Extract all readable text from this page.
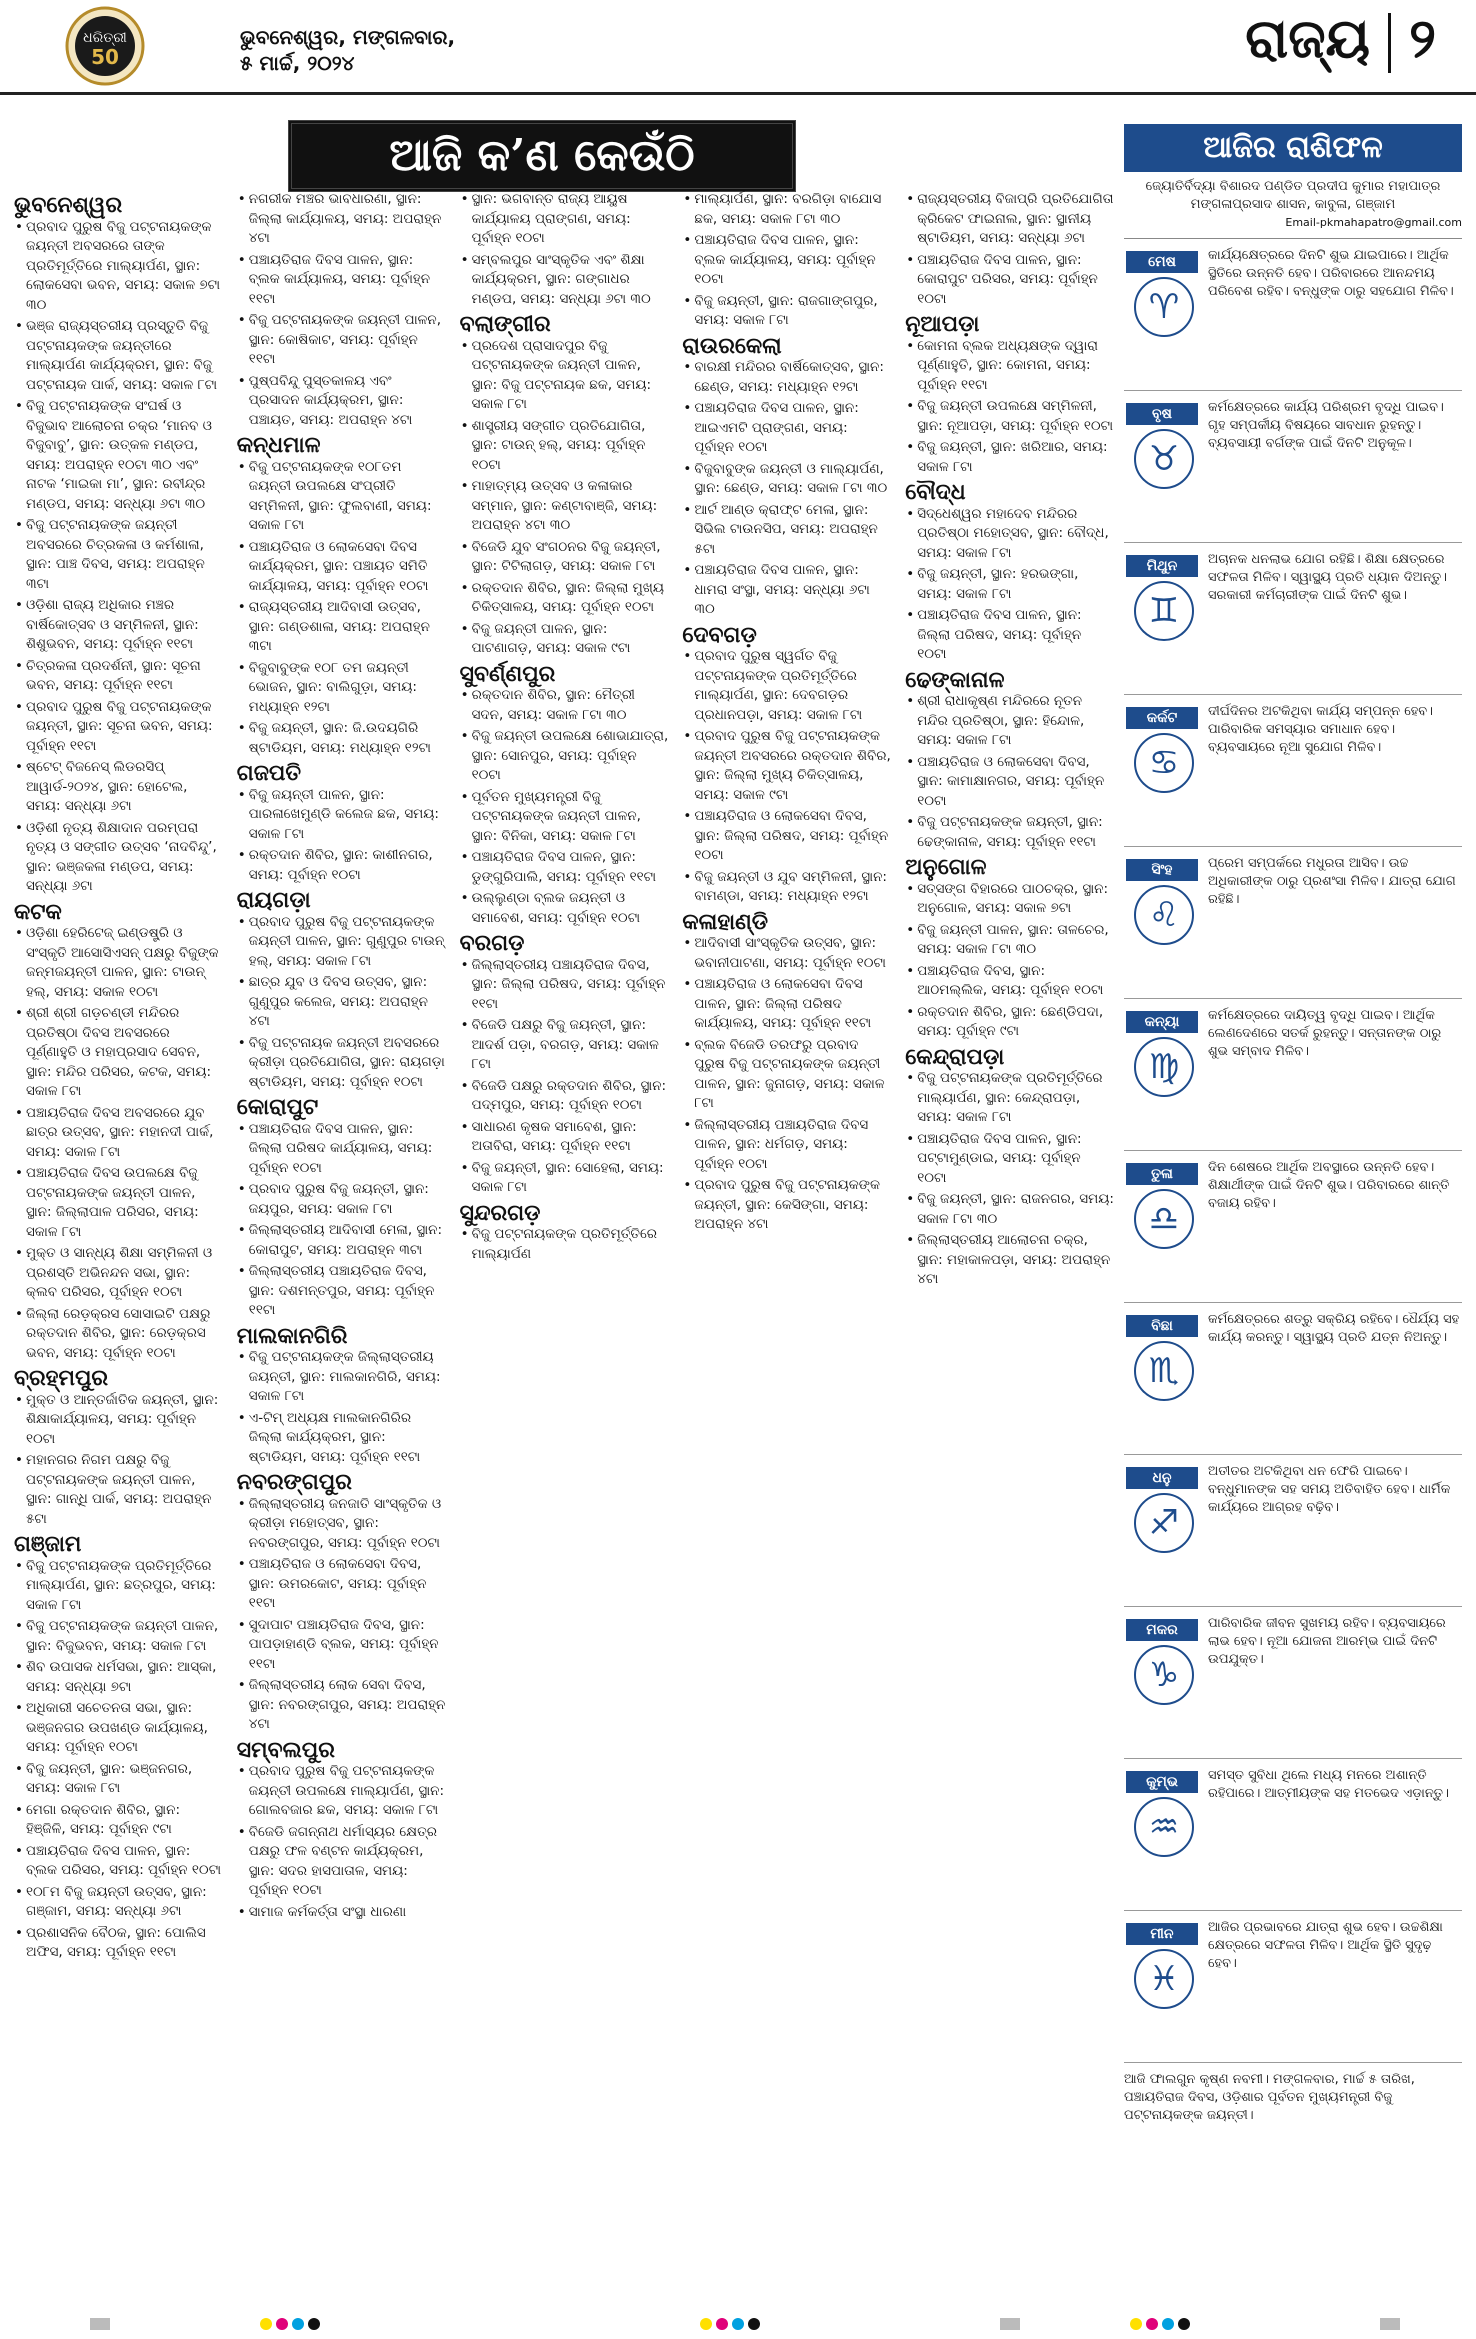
ଧରିତ୍ରୀ
50
ଭୁବନେଶ୍ୱର, ମଙ୍ଗଳବାର,
୫ ମାର୍ଚ୍ଚ, ୨୦୨୪	ରାଜ୍ୟ ୨
ଆଜି କ’ଣ କେଉଁଠି
ଭୁବନେଶ୍ୱର
• ପ୍ରବାଦ ପୁରୁଷ ବିଜୁ ପଟ୍ଟନାୟକଙ୍କ ଜୟନ୍ତୀ ଅବସରରେ ତାଙ୍କ ପ୍ରତିମୂର୍ତ୍ତିରେ ମାଲ୍ୟାର୍ପଣ, ସ୍ଥାନ: ଲୋକସେବା ଭବନ, ସମୟ: ସକାଳ ୭ଟା ୩୦
• ଭଞ୍ଜ ରାଜ୍ୟସ୍ତରୀୟ ପ୍ରସ୍ତୁତି ବିଜୁ ପଟ୍ଟନାୟକଙ୍କ ଜୟନ୍ତୀରେ ମାଲ୍ୟାର୍ପଣ କାର୍ଯ୍ୟକ୍ରମ, ସ୍ଥାନ: ବିଜୁ ପଟ୍ଟନାୟକ ପାର୍କ, ସମୟ: ସକାଳ ୮ଟା
• ବିଜୁ ପଟ୍ଟନାୟକଙ୍କ ସଂଘର୍ଷ ଓ ବିଜୁଭାବ ଆଲୋଚନା ଚକ୍ର ‘ମାନବ ଓ ବିଜୁବାବୁ’, ସ୍ଥାନ: ଉତ୍କଳ ମଣ୍ଡପ, ସମୟ: ଅପରାହ୍ନ ୧୦ଟା ୩୦ ଏବଂ ନାଟକ ‘ମାଇକା ମା’, ସ୍ଥାନ: ରବୀନ୍ଦ୍ର ମଣ୍ଡପ, ସମୟ: ସନ୍ଧ୍ୟା ୬ଟା ୩୦
• ବିଜୁ ପଟ୍ଟନାୟକଙ୍କ ଜୟନ୍ତୀ ଅବସରରେ ଚିତ୍ରକଳା ଓ କର୍ମଶାଳା, ସ୍ଥାନ: ପାଞ୍ଚ ଦିବସ, ସମୟ: ଅପରାହ୍ନ ୩ଟା
• ଓଡ଼ିଶା ରାଜ୍ୟ ଅଧିକାର ମଞ୍ଚର ବାର୍ଷିକୋତ୍ସବ ଓ ସମ୍ମିଳନୀ, ସ୍ଥାନ: ଶିଶୁଭବନ, ସମୟ: ପୂର୍ବାହ୍ନ ୧୧ଟା
• ଚିତ୍ରକଳା ପ୍ରଦର୍ଶନୀ, ସ୍ଥାନ: ସୂଚନା ଭବନ, ସମୟ: ପୂର୍ବାହ୍ନ ୧୧ଟା
• ପ୍ରବାଦ ପୁରୁଷ ବିଜୁ ପଟ୍ଟନାୟକଙ୍କ ଜୟନ୍ତୀ, ସ୍ଥାନ: ସୂଚନା ଭବନ, ସମୟ: ପୂର୍ବାହ୍ନ ୧୧ଟା
• ଷ୍ଟେଟ୍ ବିଜନେସ୍ ଲିଡରସିପ୍ ଆୱାର୍ଡ-୨୦୨୪, ସ୍ଥାନ: ହୋଟେଲ, ସମୟ: ସନ୍ଧ୍ୟା ୬ଟା
• ଓଡ଼ିଶୀ ନୃତ୍ୟ ଶିକ୍ଷାଦାନ ପରମ୍ପରା ନୃତ୍ୟ ଓ ସଙ୍ଗୀତ ଉତ୍ସବ ‘ନାଦବିନ୍ଦୁ’, ସ୍ଥାନ: ଭଞ୍ଜକଳା ମଣ୍ଡପ, ସମୟ: ସନ୍ଧ୍ୟା ୬ଟା
କଟକ
• ଓଡ଼ିଶା ହେରିଟେଜ୍ ଇଣ୍ଡଷ୍ଟ୍ରି ଓ ସଂସ୍କୃତି ଆସୋସିଏସନ୍ ପକ୍ଷରୁ ବିଜୁଙ୍କ ଜନ୍ମଜୟନ୍ତୀ ପାଳନ, ସ୍ଥାନ: ଟାଉନ୍ ହଲ୍, ସମୟ: ସକାଳ ୧୦ଟା
• ଶ୍ରୀ ଶ୍ରୀ ଗଡ଼ଚଣ୍ଡୀ ମନ୍ଦିରର ପ୍ରତିଷ୍ଠା ଦିବସ ଅବସରରେ ପୂର୍ଣ୍ଣାହୁତି ଓ ମହାପ୍ରସାଦ ସେବନ, ସ୍ଥାନ: ମନ୍ଦିର ପରିସର, କଟକ, ସମୟ: ସକାଳ ୮ଟା
• ପଞ୍ଚାୟତିରାଜ ଦିବସ ଅବସରରେ ଯୁବ ଛାତ୍ର ଉତ୍ସବ, ସ୍ଥାନ: ମହାନଦୀ ପାର୍କ, ସମୟ: ସକାଳ ୮ଟା
• ପଞ୍ଚାୟତିରାଜ ଦିବସ ଉପଲକ୍ଷେ ବିଜୁ ପଟ୍ଟନାୟକଙ୍କ ଜୟନ୍ତୀ ପାଳନ, ସ୍ଥାନ: ଜିଲ୍ଲାପାଳ ପରିସର, ସମୟ: ସକାଳ ୮ଟା
• ମୁକ୍ତ ଓ ସାନ୍ଧ୍ୟ ଶିକ୍ଷା ସମ୍ମିଳନୀ ଓ ପ୍ରଶସ୍ତି ଅଭିନନ୍ଦନ ସଭା, ସ୍ଥାନ: କ୍ଲବ ପରିସର, ପୂର୍ବାହ୍ନ ୧୦ଟା
• ଜିଲ୍ଲା ରେଡ଼କ୍ରସ ସୋସାଇଟି ପକ୍ଷରୁ ରକ୍ତଦାନ ଶିବିର, ସ୍ଥାନ: ରେଡ଼କ୍ରସ ଭବନ, ସମୟ: ପୂର୍ବାହ୍ନ ୧୦ଟା
ବ୍ରହ୍ମପୁର
• ମୁକ୍ତ ଓ ଆନ୍ତର୍ଜାତିକ ଜୟନ୍ତୀ, ସ୍ଥାନ: ଶିକ୍ଷାକାର୍ଯ୍ୟାଳୟ, ସମୟ: ପୂର୍ବାହ୍ନ ୧୦ଟା
• ମହାନଗର ନିଗମ ପକ୍ଷରୁ ବିଜୁ ପଟ୍ଟନାୟକଙ୍କ ଜୟନ୍ତୀ ପାଳନ, ସ୍ଥାନ: ଗାନ୍ଧି ପାର୍କ, ସମୟ: ଅପରାହ୍ନ ୫ଟା
ଗଞ୍ଜାମ
• ବିଜୁ ପଟ୍ଟନାୟକଙ୍କ ପ୍ରତିମୂର୍ତ୍ତିରେ ମାଲ୍ୟାର୍ପଣ, ସ୍ଥାନ: ଛତ୍ରପୁର, ସମୟ: ସକାଳ ୮ଟା
• ବିଜୁ ପଟ୍ଟନାୟକଙ୍କ ଜୟନ୍ତୀ ପାଳନ, ସ୍ଥାନ: ବିଜୁଭବନ, ସମୟ: ସକାଳ ୮ଟା
• ଶିବ ଉପାସକ ଧର୍ମସଭା, ସ୍ଥାନ: ଆସ୍କା, ସମୟ: ସନ୍ଧ୍ୟା ୭ଟା
• ଅଧିକାରୀ ସଚେତନତା ସଭା, ସ୍ଥାନ: ଭଞ୍ଜନଗର ଉପଖଣ୍ଡ କାର୍ଯ୍ୟାଳୟ, ସମୟ: ପୂର୍ବାହ୍ନ ୧୦ଟା
• ବିଜୁ ଜୟନ୍ତୀ, ସ୍ଥାନ: ଭଞ୍ଜନଗର, ସମୟ: ସକାଳ ୮ଟା
• ମେଗା ରକ୍ତଦାନ ଶିବିର, ସ୍ଥାନ: ହିଞ୍ଜିଳି, ସମୟ: ପୂର୍ବାହ୍ନ ୯ଟା
• ପଞ୍ଚାୟତିରାଜ ଦିବସ ପାଳନ, ସ୍ଥାନ: ବ୍ଲକ ପରିସର, ସମୟ: ପୂର୍ବାହ୍ନ ୧୦ଟା
• ୧୦୮ମ ବିଜୁ ଜୟନ୍ତୀ ଉତ୍ସବ, ସ୍ଥାନ: ଗଞ୍ଜାମ, ସମୟ: ସନ୍ଧ୍ୟା ୬ଟା
• ପ୍ରଶାସନିକ ବୈଠକ, ସ୍ଥାନ: ପୋଲିସ ଅଫିସ, ସମୟ: ପୂର୍ବାହ୍ନ ୧୧ଟା
• ନଗରୀକ ମଞ୍ଚର ଭାବଧାରଣା, ସ୍ଥାନ: ଜିଲ୍ଲା କାର୍ଯ୍ୟାଳୟ, ସମୟ: ଅପରାହ୍ନ ୪ଟା
• ପଞ୍ଚାୟତିରାଜ ଦିବସ ପାଳନ, ସ୍ଥାନ: ବ୍ଲକ କାର୍ଯ୍ୟାଳୟ, ସମୟ: ପୂର୍ବାହ୍ନ ୧୧ଟା
• ବିଜୁ ପଟ୍ଟନାୟକଙ୍କ ଜୟନ୍ତୀ ପାଳନ, ସ୍ଥାନ: କୋଷିକାଟ, ସମୟ: ପୂର୍ବାହ୍ନ ୧୧ଟା
• ପୁଷ୍ପବିନ୍ଦୁ ପୁସ୍ତକାଳୟ ଏବଂ ପ୍ରସାଦନ କାର୍ଯ୍ୟକ୍ରମ, ସ୍ଥାନ: ପଞ୍ଚାୟତ, ସମୟ: ଅପରାହ୍ନ ୪ଟା
କନ୍ଧମାଳ
• ବିଜୁ ପଟ୍ଟନାୟକଙ୍କ ୧୦୮ତମ ଜୟନ୍ତୀ ଉପଲକ୍ଷେ ସଂପ୍ରୀତି ସମ୍ମିଳନୀ, ସ୍ଥାନ: ଫୁଲବାଣୀ, ସମୟ: ସକାଳ ୮ଟା
• ପଞ୍ଚାୟତିରାଜ ଓ ଲୋକସେବା ଦିବସ କାର୍ଯ୍ୟକ୍ରମ, ସ୍ଥାନ: ପଞ୍ଚାୟତ ସମିତି କାର୍ଯ୍ୟାଳୟ, ସମୟ: ପୂର୍ବାହ୍ନ ୧୦ଟା
• ରାଜ୍ୟସ୍ତରୀୟ ଆଦିବାସୀ ଉତ୍ସବ, ସ୍ଥାନ: ଗଣ୍ଡଶାଳା, ସମୟ: ଅପରାହ୍ନ ୩ଟା
• ବିଜୁବାବୁଙ୍କ ୧୦୮ ତମ ଜୟନ୍ତୀ ଭୋଜନ, ସ୍ଥାନ: ବାଲିଗୁଡ଼ା, ସମୟ: ମଧ୍ୟାହ୍ନ ୧୨ଟା
• ବିଜୁ ଜୟନ୍ତୀ, ସ୍ଥାନ: ଜି.ଉଦୟଗିରି ଷ୍ଟାଡିୟମ, ସମୟ: ମଧ୍ୟାହ୍ନ ୧୨ଟା
ଗଜପତି
• ବିଜୁ ଜୟନ୍ତୀ ପାଳନ, ସ୍ଥାନ: ପାରଳାଖେମୁଣ୍ଡି କଲେଜ ଛକ, ସମୟ: ସକାଳ ୮ଟା
• ରକ୍ତଦାନ ଶିବିର, ସ୍ଥାନ: କାଶୀନଗର, ସମୟ: ପୂର୍ବାହ୍ନ ୧୦ଟା
ରାୟଗଡ଼ା
• ପ୍ରବାଦ ପୁରୁଷ ବିଜୁ ପଟ୍ଟନାୟକଙ୍କ ଜୟନ୍ତୀ ପାଳନ, ସ୍ଥାନ: ଗୁଣୁପୁର ଟାଉନ୍ ହଲ୍, ସମୟ: ସକାଳ ୮ଟା
• ଛାତ୍ର ଯୁବ ଓ ଦିବସ ଉତ୍ସବ, ସ୍ଥାନ: ଗୁଣୁପୁର କଲେଜ, ସମୟ: ଅପରାହ୍ନ ୪ଟା
• ବିଜୁ ପଟ୍ଟନାୟକ ଜୟନ୍ତୀ ଅବସରରେ କ୍ରୀଡ଼ା ପ୍ରତିଯୋଗିତା, ସ୍ଥାନ: ରାୟଗଡ଼ା ଷ୍ଟାଡିୟମ, ସମୟ: ପୂର୍ବାହ୍ନ ୧୦ଟା
କୋରାପୁଟ
• ପଞ୍ଚାୟତିରାଜ ଦିବସ ପାଳନ, ସ୍ଥାନ: ଜିଲ୍ଲା ପରିଷଦ କାର୍ଯ୍ୟାଳୟ, ସମୟ: ପୂର୍ବାହ୍ନ ୧୦ଟା
• ପ୍ରବାଦ ପୁରୁଷ ବିଜୁ ଜୟନ୍ତୀ, ସ୍ଥାନ: ଜୟପୁର, ସମୟ: ସକାଳ ୮ଟା
• ଜିଲ୍ଲାସ୍ତରୀୟ ଆଦିବାସୀ ମେଳା, ସ୍ଥାନ: କୋରାପୁଟ, ସମୟ: ଅପରାହ୍ନ ୩ଟା
• ଜିଲ୍ଲାସ୍ତରୀୟ ପଞ୍ଚାୟତିରାଜ ଦିବସ, ସ୍ଥାନ: ଦଶମନ୍ତପୁର, ସମୟ: ପୂର୍ବାହ୍ନ ୧୧ଟା
ମାଲକାନଗିରି
• ବିଜୁ ପଟ୍ଟନାୟକଙ୍କ ଜିଲ୍ଲାସ୍ତରୀୟ ଜୟନ୍ତୀ, ସ୍ଥାନ: ମାଲକାନଗିରି, ସମୟ: ସକାଳ ୮ଟା
• ଏ-ଟିମ୍ ଅଧ୍ୟକ୍ଷ ମାଲକାନଗିରିର ଜିଲ୍ଲା କାର୍ଯ୍ୟକ୍ରମ, ସ୍ଥାନ: ଷ୍ଟାଡିୟମ, ସମୟ: ପୂର୍ବାହ୍ନ ୧୧ଟା
ନବରଙ୍ଗପୁର
• ଜିଲ୍ଲାସ୍ତରୀୟ ଜନଜାତି ସାଂସ୍କୃତିକ ଓ କ୍ରୀଡ଼ା ମହୋତ୍ସବ, ସ୍ଥାନ: ନବରଙ୍ଗପୁର, ସମୟ: ପୂର୍ବାହ୍ନ ୧୦ଟା
• ପଞ୍ଚାୟତିରାଜ ଓ ଲୋକସେବା ଦିବସ, ସ୍ଥାନ: ଉମରକୋଟ, ସମୟ: ପୂର୍ବାହ୍ନ ୧୧ଟା
• ସୁଦାପାଟ ପଞ୍ଚାୟତିରାଜ ଦିବସ, ସ୍ଥାନ: ପାପଡ଼ାହାଣ୍ଡି ବ୍ଲକ, ସମୟ: ପୂର୍ବାହ୍ନ ୧୧ଟା
• ଜିଲ୍ଲାସ୍ତରୀୟ ଲୋକ ସେବା ଦିବସ, ସ୍ଥାନ: ନବରଙ୍ଗପୁର, ସମୟ: ଅପରାହ୍ନ ୪ଟା
ସମ୍ବଲପୁର
• ପ୍ରବାଦ ପୁରୁଷ ବିଜୁ ପଟ୍ଟନାୟକଙ୍କ ଜୟନ୍ତୀ ଉପଲକ୍ଷେ ମାଲ୍ୟାର୍ପଣ, ସ୍ଥାନ: ଗୋଲବଜାର ଛକ, ସମୟ: ସକାଳ ୮ଟା
• ବିଜେଡି ଜଗନ୍ନାଥ ଧର୍ମାସ୍ୟର କ୍ଷେତ୍ର ପକ୍ଷରୁ ଫଳ ବଣ୍ଟନ କାର୍ଯ୍ୟକ୍ରମ, ସ୍ଥାନ: ସଦର ହାସପାତାଳ, ସମୟ: ପୂର୍ବାହ୍ନ ୧୦ଟା
• ସାମାଜ କର୍ମକର୍ତ୍ତା ସଂସ୍ଥା ଧାରଣା
• ସ୍ଥାନ: ଭଗବାନ୍ତ ରାଜ୍ୟ ଆୟୁଷ କାର୍ଯ୍ୟାଳୟ ପ୍ରାଙ୍ଗଣ, ସମୟ: ପୂର୍ବାହ୍ନ ୧୦ଟା
• ସମ୍ବଲପୁର ସାଂସ୍କୃତିକ ଏବଂ ଶିକ୍ଷା କାର୍ଯ୍ୟକ୍ରମ, ସ୍ଥାନ: ଗଙ୍ଗାଧର ମଣ୍ଡପ, ସମୟ: ସନ୍ଧ୍ୟା ୬ଟା ୩୦
ବଲାଙ୍ଗୀର
• ପ୍ରଦେଶ ପ୍ରାସାଦପୁର ବିଜୁ ପଟ୍ଟନାୟକଙ୍କ ଜୟନ୍ତୀ ପାଳନ, ସ୍ଥାନ: ବିଜୁ ପଟ୍ଟନାୟକ ଛକ, ସମୟ: ସକାଳ ୮ଟା
• ଶାସ୍ତ୍ରୀୟ ସଙ୍ଗୀତ ପ୍ରତିଯୋଗିତା, ସ୍ଥାନ: ଟାଉନ୍ ହଲ୍, ସମୟ: ପୂର୍ବାହ୍ନ ୧୦ଟା
• ମାହାତ୍ମ୍ୟ ଉତ୍ସବ ଓ କଳାକାର ସମ୍ମାନ, ସ୍ଥାନ: କଣ୍ଟାବାଞ୍ଜି, ସମୟ: ଅପରାହ୍ନ ୪ଟା ୩୦
• ବିଜେଡି ଯୁବ ସଂଗଠନର ବିଜୁ ଜୟନ୍ତୀ, ସ୍ଥାନ: ଟିଟିଲାଗଡ଼, ସମୟ: ସକାଳ ୮ଟା
• ରକ୍ତଦାନ ଶିବିର, ସ୍ଥାନ: ଜିଲ୍ଲା ମୁଖ୍ୟ ଚିକିତ୍ସାଳୟ, ସମୟ: ପୂର୍ବାହ୍ନ ୧୦ଟା
• ବିଜୁ ଜୟନ୍ତୀ ପାଳନ, ସ୍ଥାନ: ପାଟଣାଗଡ଼, ସମୟ: ସକାଳ ୯ଟା
ସୁବର୍ଣ୍ଣପୁର
• ରକ୍ତଦାନ ଶିବିର, ସ୍ଥାନ: ମୈତ୍ରୀ ସଦନ, ସମୟ: ସକାଳ ୮ଟା ୩୦
• ବିଜୁ ଜୟନ୍ତୀ ଉପଲକ୍ଷେ ଶୋଭାଯାତ୍ରା, ସ୍ଥାନ: ସୋନପୁର, ସମୟ: ପୂର୍ବାହ୍ନ ୧୦ଟା
• ପୂର୍ବତନ ମୁଖ୍ୟମନ୍ତ୍ରୀ ବିଜୁ ପଟ୍ଟନାୟକଙ୍କ ଜୟନ୍ତୀ ପାଳନ, ସ୍ଥାନ: ବିନିକା, ସମୟ: ସକାଳ ୮ଟା
• ପଞ୍ଚାୟତିରାଜ ଦିବସ ପାଳନ, ସ୍ଥାନ: ଡୁଙ୍ଗୁରିପାଲି, ସମୟ: ପୂର୍ବାହ୍ନ ୧୧ଟା
• ଉଲ୍ଲୁଣ୍ଡା ବ୍ଲକ ଜୟନ୍ତୀ ଓ ସମାବେଶ, ସମୟ: ପୂର୍ବାହ୍ନ ୧୦ଟା
ବରଗଡ଼
• ଜିଲ୍ଲାସ୍ତରୀୟ ପଞ୍ଚାୟତିରାଜ ଦିବସ, ସ୍ଥାନ: ଜିଲ୍ଲା ପରିଷଦ, ସମୟ: ପୂର୍ବାହ୍ନ ୧୧ଟା
• ବିଜେଡି ପକ୍ଷରୁ ବିଜୁ ଜୟନ୍ତୀ, ସ୍ଥାନ: ଆଦର୍ଶ ପଡ଼ା, ବରଗଡ଼, ସମୟ: ସକାଳ ୮ଟା
• ବିଜେଡି ପକ୍ଷରୁ ରକ୍ତଦାନ ଶିବିର, ସ୍ଥାନ: ପଦ୍ମପୁର, ସମୟ: ପୂର୍ବାହ୍ନ ୧୦ଟା
• ସାଧାରଣ କୃଷକ ସମାବେଶ, ସ୍ଥାନ: ଅତାବିରା, ସମୟ: ପୂର୍ବାହ୍ନ ୧୧ଟା
• ବିଜୁ ଜୟନ୍ତୀ, ସ୍ଥାନ: ସୋହେଲା, ସମୟ: ସକାଳ ୮ଟା
ସୁନ୍ଦରଗଡ଼
• ବିଜୁ ପଟ୍ଟନାୟକଙ୍କ ପ୍ରତିମୂର୍ତ୍ତିରେ ମାଲ୍ୟାର୍ପଣ
• ମାଲ୍ୟାର୍ପଣ, ସ୍ଥାନ: ବରଗିଡ଼ା ବାଯୋସ ଛକ, ସମୟ: ସକାଳ ୮ଟା ୩୦
• ପଞ୍ଚାୟତିରାଜ ଦିବସ ପାଳନ, ସ୍ଥାନ: ବ୍ଲକ କାର୍ଯ୍ୟାଳୟ, ସମୟ: ପୂର୍ବାହ୍ନ ୧୦ଟା
• ବିଜୁ ଜୟନ୍ତୀ, ସ୍ଥାନ: ରାଜଗାଙ୍ଗପୁର, ସମୟ: ସକାଳ ୮ଟା
ରାଉରକେଲା
• ବାରକ୍ଷୀ ମନ୍ଦିରର ବାର୍ଷିକୋତ୍ସବ, ସ୍ଥାନ: ଛେଣ୍ଡ, ସମୟ: ମଧ୍ୟାହ୍ନ ୧୨ଟା
• ପଞ୍ଚାୟତିରାଜ ଦିବସ ପାଳନ, ସ୍ଥାନ: ଆଇଏମଟି ପ୍ରାଙ୍ଗଣ, ସମୟ: ପୂର୍ବାହ୍ନ ୧୦ଟା
• ବିଜୁବାବୁଙ୍କ ଜୟନ୍ତୀ ଓ ମାଲ୍ୟାର୍ପଣ, ସ୍ଥାନ: ଛେଣ୍ଡ, ସମୟ: ସକାଳ ୮ଟା ୩୦
• ଆର୍ଟ ଆଣ୍ଡ କ୍ରାଫ୍ଟ ମେଳା, ସ୍ଥାନ: ସିଭିଲ ଟାଉନସିପ, ସମୟ: ଅପରାହ୍ନ ୫ଟା
• ପଞ୍ଚାୟତିରାଜ ଦିବସ ପାଳନ, ସ୍ଥାନ: ଧାମରା ସଂସ୍ଥା, ସମୟ: ସନ୍ଧ୍ୟା ୬ଟା ୩୦
ଦେବଗଡ଼
• ପ୍ରବାଦ ପୁରୁଷ ସ୍ୱର୍ଗତ ବିଜୁ ପଟ୍ଟନାୟକଙ୍କ ପ୍ରତିମୂର୍ତ୍ତିରେ ମାଲ୍ୟାର୍ପଣ, ସ୍ଥାନ: ଦେବଗଡ଼ର ପ୍ରଧାନପଡ଼ା, ସମୟ: ସକାଳ ୮ଟା
• ପ୍ରବାଦ ପୁରୁଷ ବିଜୁ ପଟ୍ଟନାୟକଙ୍କ ଜୟନ୍ତୀ ଅବସରରେ ରକ୍ତଦାନ ଶିବିର, ସ୍ଥାନ: ଜିଲ୍ଲା ମୁଖ୍ୟ ଚିକିତ୍ସାଳୟ, ସମୟ: ସକାଳ ୯ଟା
• ପଞ୍ଚାୟତିରାଜ ଓ ଲୋକସେବା ଦିବସ, ସ୍ଥାନ: ଜିଲ୍ଲା ପରିଷଦ, ସମୟ: ପୂର୍ବାହ୍ନ ୧୦ଟା
• ବିଜୁ ଜୟନ୍ତୀ ଓ ଯୁବ ସମ୍ମିଳନୀ, ସ୍ଥାନ: ବାମଣ୍ଡା, ସମୟ: ମଧ୍ୟାହ୍ନ ୧୨ଟା
କଳାହାଣ୍ଡି
• ଆଦିବାସୀ ସାଂସ୍କୃତିକ ଉତ୍ସବ, ସ୍ଥାନ: ଭବାନୀପାଟଣା, ସମୟ: ପୂର୍ବାହ୍ନ ୧୦ଟା
• ପଞ୍ଚାୟତିରାଜ ଓ ଲୋକସେବା ଦିବସ ପାଳନ, ସ୍ଥାନ: ଜିଲ୍ଲା ପରିଷଦ କାର୍ଯ୍ୟାଳୟ, ସମୟ: ପୂର୍ବାହ୍ନ ୧୧ଟା
• ବ୍ଲକ ବିଜେଡି ତରଫରୁ ପ୍ରବାଦ ପୁରୁଷ ବିଜୁ ପଟ୍ଟନାୟକଙ୍କ ଜୟନ୍ତୀ ପାଳନ, ସ୍ଥାନ: ଜୁନାଗଡ଼, ସମୟ: ସକାଳ ୮ଟା
• ଜିଲ୍ଲାସ୍ତରୀୟ ପଞ୍ଚାୟତିରାଜ ଦିବସ ପାଳନ, ସ୍ଥାନ: ଧର୍ମଗଡ଼, ସମୟ: ପୂର୍ବାହ୍ନ ୧୦ଟା
• ପ୍ରବାଦ ପୁରୁଷ ବିଜୁ ପଟ୍ଟନାୟକଙ୍କ ଜୟନ୍ତୀ, ସ୍ଥାନ: କେସିଙ୍ଗା, ସମୟ: ଅପରାହ୍ନ ୪ଟା
• ରାଜ୍ୟସ୍ତରୀୟ ବିଜାପ୍ରି ପ୍ରତିଯୋଗିତା କ୍ରିକେଟ ଫାଇନାଲ, ସ୍ଥାନ: ସ୍ଥାନୀୟ ଷ୍ଟାଡିୟମ, ସମୟ: ସନ୍ଧ୍ୟା ୬ଟା
• ପଞ୍ଚାୟତିରାଜ ଦିବସ ପାଳନ, ସ୍ଥାନ: କୋରାପୁଟ ପରିସର, ସମୟ: ପୂର୍ବାହ୍ନ ୧୦ଟା
ନୂଆପଡ଼ା
• କୋମନା ବ୍ଲକ ଅଧ୍ୟକ୍ଷଙ୍କ ଦ୍ୱାରା ପୂର୍ଣ୍ଣାହୁତି, ସ୍ଥାନ: କୋମନା, ସମୟ: ପୂର୍ବାହ୍ନ ୧୧ଟା
• ବିଜୁ ଜୟନ୍ତୀ ଉପଲକ୍ଷେ ସମ୍ମିଳନୀ, ସ୍ଥାନ: ନୂଆପଡ଼ା, ସମୟ: ପୂର୍ବାହ୍ନ ୧୦ଟା
• ବିଜୁ ଜୟନ୍ତୀ, ସ୍ଥାନ: ଖରିଆର, ସମୟ: ସକାଳ ୮ଟା
ବୌଦ୍ଧ
• ସିଦ୍ଧେଶ୍ୱର ମହାଦେବ ମନ୍ଦିରର ପ୍ରତିଷ୍ଠା ମହୋତ୍ସବ, ସ୍ଥାନ: ବୌଦ୍ଧ, ସମୟ: ସକାଳ ୮ଟା
• ବିଜୁ ଜୟନ୍ତୀ, ସ୍ଥାନ: ହରଭଙ୍ଗା, ସମୟ: ସକାଳ ୮ଟା
• ପଞ୍ଚାୟତିରାଜ ଦିବସ ପାଳନ, ସ୍ଥାନ: ଜିଲ୍ଲା ପରିଷଦ, ସମୟ: ପୂର୍ବାହ୍ନ ୧୦ଟା
ଢେଙ୍କାନାଳ
• ଶ୍ରୀ ରାଧାକୃଷ୍ଣ ମନ୍ଦିରରେ ନୂତନ ମନ୍ଦିର ପ୍ରତିଷ୍ଠା, ସ୍ଥାନ: ହିନ୍ଦୋଳ, ସମୟ: ସକାଳ ୮ଟା
• ପଞ୍ଚାୟତିରାଜ ଓ ଲୋକସେବା ଦିବସ, ସ୍ଥାନ: କାମାକ୍ଷାନଗର, ସମୟ: ପୂର୍ବାହ୍ନ ୧୦ଟା
• ବିଜୁ ପଟ୍ଟନାୟକଙ୍କ ଜୟନ୍ତୀ, ସ୍ଥାନ: ଢେଙ୍କାନାଳ, ସମୟ: ପୂର୍ବାହ୍ନ ୧୧ଟା
ଅନୁଗୋଳ
• ସତ୍ସଙ୍ଗ ବିହାରରେ ପାଠଚକ୍ର, ସ୍ଥାନ: ଅନୁଗୋଳ, ସମୟ: ସକାଳ ୭ଟା
• ବିଜୁ ଜୟନ୍ତୀ ପାଳନ, ସ୍ଥାନ: ତାଳଚେର, ସମୟ: ସକାଳ ୮ଟା ୩୦
• ପଞ୍ଚାୟତିରାଜ ଦିବସ, ସ୍ଥାନ: ଆଠମଲ୍ଲିକ, ସମୟ: ପୂର୍ବାହ୍ନ ୧୦ଟା
• ରକ୍ତଦାନ ଶିବିର, ସ୍ଥାନ: ଛେଣ୍ଡିପଦା, ସମୟ: ପୂର୍ବାହ୍ନ ୯ଟା
କେନ୍ଦ୍ରାପଡ଼ା
• ବିଜୁ ପଟ୍ଟନାୟକଙ୍କ ପ୍ରତିମୂର୍ତ୍ତିରେ ମାଲ୍ୟାର୍ପଣ, ସ୍ଥାନ: କେନ୍ଦ୍ରାପଡ଼ା, ସମୟ: ସକାଳ ୮ଟା
• ପଞ୍ଚାୟତିରାଜ ଦିବସ ପାଳନ, ସ୍ଥାନ: ପଟ୍ଟାମୁଣ୍ଡାଇ, ସମୟ: ପୂର୍ବାହ୍ନ ୧୦ଟା
• ବିଜୁ ଜୟନ୍ତୀ, ସ୍ଥାନ: ରାଜନଗର, ସମୟ: ସକାଳ ୮ଟା ୩୦
• ଜିଲ୍ଲାସ୍ତରୀୟ ଆଲୋଚନା ଚକ୍ର, ସ୍ଥାନ: ମହାକାଳପଡ଼ା, ସମୟ: ଅପରାହ୍ନ ୪ଟା
ଆଜିର ରାଶିଫଳ
ଜ୍ୟୋତିର୍ବିଦ୍ୟା ବିଶାରଦ ପଣ୍ଡିତ ପ୍ରଦୀପ କୁମାର ମହାପାତ୍ର
ମଙ୍ଗଳାପ୍ରସାଦ ଶାସନ, କାବୁଳା, ଗଞ୍ଜାମ
Email-pkmahapatro@gmail.com
ମେଷ
♈
କାର୍ଯ୍ୟକ୍ଷେତ୍ରରେ ଦିନଟି ଶୁଭ ଯାଇପାରେ। ଆର୍ଥିକ ସ୍ଥିତିରେ ଉନ୍ନତି ହେବ। ପରିବାରରେ ଆନନ୍ଦମୟ ପରିବେଶ ରହିବ। ବନ୍ଧୁଙ୍କ ଠାରୁ ସହଯୋଗ ମିଳିବ।
ବୃଷ
♉
କର୍ମକ୍ଷେତ୍ରରେ କାର୍ଯ୍ୟ ପରିଶ୍ରମ ବୃଦ୍ଧି ପାଇବ। ଗୃହ ସମ୍ପର୍କୀୟ ବିଷୟରେ ସାବଧାନ ରୁହନ୍ତୁ। ବ୍ୟବସାୟୀ ବର୍ଗଙ୍କ ପାଇଁ ଦିନଟି ଅନୁକୂଳ।
ମିଥୁନ
♊
ଅଚାନକ ଧନଲାଭ ଯୋଗ ରହିଛି। ଶିକ୍ଷା କ୍ଷେତ୍ରରେ ସଫଳତା ମିଳିବ। ସ୍ୱାସ୍ଥ୍ୟ ପ୍ରତି ଧ୍ୟାନ ଦିଅନ୍ତୁ। ସରକାରୀ କର୍ମଚାରୀଙ୍କ ପାଇଁ ଦିନଟି ଶୁଭ।
କର୍କଟ
♋
ଦୀର୍ଘଦିନର ଅଟକିଥିବା କାର୍ଯ୍ୟ ସମ୍ପନ୍ନ ହେବ। ପାରିବାରିକ ସମସ୍ୟାର ସମାଧାନ ହେବ। ବ୍ୟବସାୟରେ ନୂଆ ସୁଯୋଗ ମିଳିବ।
ସିଂହ
♌
ପ୍ରେମ ସମ୍ପର୍କରେ ମଧୁରତା ଆସିବ। ଉଚ୍ଚ ଅଧିକାରୀଙ୍କ ଠାରୁ ପ୍ରଶଂସା ମିଳିବ। ଯାତ୍ରା ଯୋଗ ରହିଛି।
କନ୍ୟା
♍
କର୍ମକ୍ଷେତ୍ରରେ ଦାୟିତ୍ୱ ବୃଦ୍ଧି ପାଇବ। ଆର୍ଥିକ ଲେଣଦେଣରେ ସତର୍କ ରୁହନ୍ତୁ। ସନ୍ତାନଙ୍କ ଠାରୁ ଶୁଭ ସମ୍ବାଦ ମିଳିବ।
ତୁଳା
♎
ଦିନ ଶେଷରେ ଆର୍ଥିକ ଅବସ୍ଥାରେ ଉନ୍ନତି ହେବ। ଶିକ୍ଷାର୍ଥୀଙ୍କ ପାଇଁ ଦିନଟି ଶୁଭ। ପରିବାରରେ ଶାନ୍ତି ବଜାୟ ରହିବ।
ବିଛା
♏
କର୍ମକ୍ଷେତ୍ରରେ ଶତ୍ରୁ ସକ୍ରିୟ ରହିବେ। ଧୈର୍ଯ୍ୟ ସହ କାର୍ଯ୍ୟ କରନ୍ତୁ। ସ୍ୱାସ୍ଥ୍ୟ ପ୍ରତି ଯତ୍ନ ନିଅନ୍ତୁ।
ଧନୁ
♐
ଅତୀତର ଅଟକିଥିବା ଧନ ଫେରି ପାଇବେ। ବନ୍ଧୁମାନଙ୍କ ସହ ସମୟ ଅତିବାହିତ ହେବ। ଧାର୍ମିକ କାର୍ଯ୍ୟରେ ଆଗ୍ରହ ବଢ଼ିବ।
ମକର
♑
ପାରିବାରିକ ଜୀବନ ସୁଖମୟ ରହିବ। ବ୍ୟବସାୟରେ ଲାଭ ହେବ। ନୂଆ ଯୋଜନା ଆରମ୍ଭ ପାଇଁ ଦିନଟି ଉପଯୁକ୍ତ।
କୁମ୍ଭ
♒
ସମସ୍ତ ସୁବିଧା ଥିଲେ ମଧ୍ୟ ମନରେ ଅଶାନ୍ତି ରହିପାରେ। ଆତ୍ମୀୟଙ୍କ ସହ ମତଭେଦ ଏଡ଼ାନ୍ତୁ।
ମୀନ
♓
ଆଜିର ପ୍ରଭାବରେ ଯାତ୍ରା ଶୁଭ ହେବ। ଉଚ୍ଚଶିକ୍ଷା କ୍ଷେତ୍ରରେ ସଫଳତା ମିଳିବ। ଆର୍ଥିକ ସ୍ଥିତି ସୁଦୃଢ଼ ହେବ।
ଆଜି ଫାଲଗୁନ କୃଷ୍ଣ ନବମୀ। ମଙ୍ଗଳବାର, ମାର୍ଚ୍ଚ ୫ ତାରିଖ, ପଞ୍ଚାୟତିରାଜ ଦିବସ, ଓଡ଼ିଶାର ପୂର୍ବତନ ମୁଖ୍ୟମନ୍ତ୍ରୀ ବିଜୁ ପଟ୍ଟନାୟକଙ୍କ ଜୟନ୍ତୀ।
